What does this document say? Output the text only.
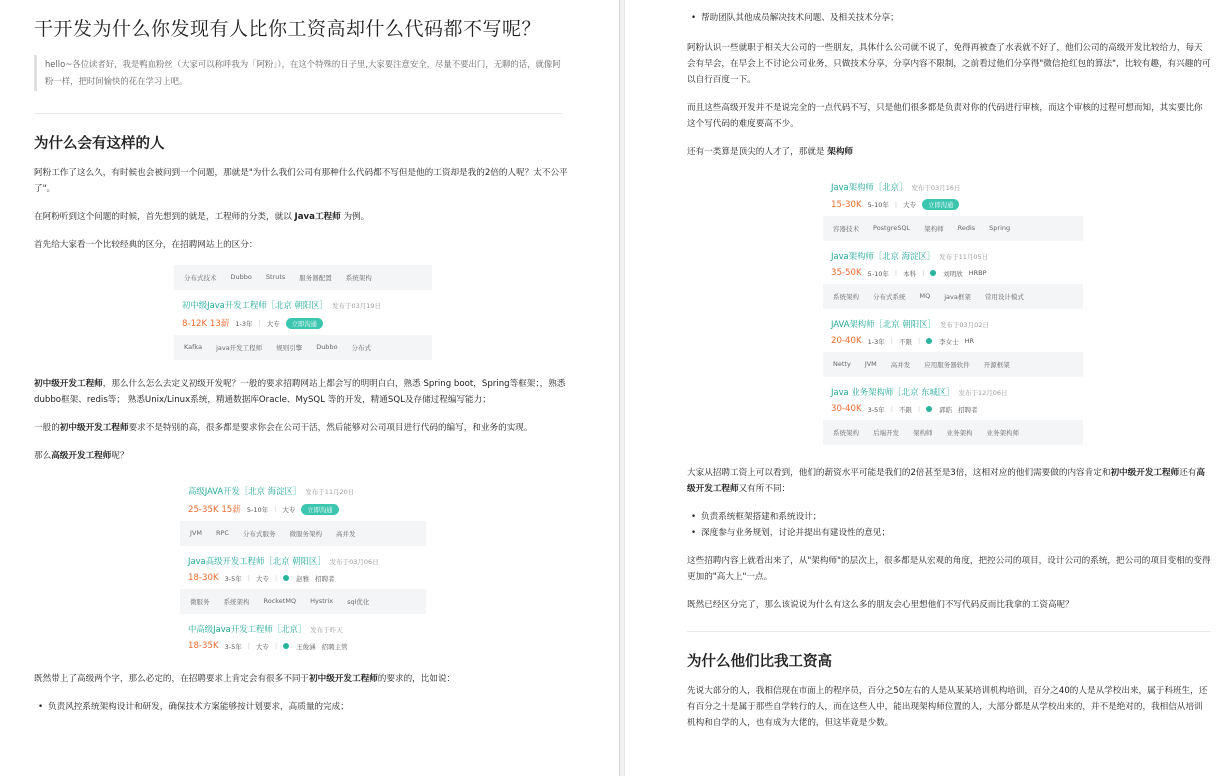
干开发为什么你发现有人比你工资高却什么代码都不写呢？
hello~各位读者好，我是鸭血粉丝（大家可以称呼我为「阿粉」），在这个特殊的日子里,大家要注意安全，尽量不要出门，无聊的话，就像阿粉一样，把时间愉快的花在学习上吧。
为什么会有这样的人

阿粉工作了这么久，有时候也会被问到一个问题，那就是"为什么我们公司有那种什么代码都不写但是他的工资却是我的2倍的人呢？太不公平了"。

在阿粉听到这个问题的时候，首先想到的就是，工程师的分类，就以 Java工程师 为例。

首先给大家看一个比较经典的区分，在招聘网站上的区分：

分布式技术 Dubbo Struts 服务器配置 系统架构
初中级Java开发工程师［北京 朝阳区］ 发布于03月19日
8-12K 13薪 1-3年 | 大专	立即沟通
Kafka java开发工程师 规则引擎 Dubbo 分布式

初中级开发工程师，那么什么怎么去定义初级开发呢？一般的要求招聘网站上都会写的明明白白，熟悉 Spring boot，Spring等框架；，熟悉dubbo框架、redis等； 熟悉Unix/Linux系统，精通数据库Oracle、MySQL 等的开发，精通SQL及存储过程编写能力；

一般的初中级开发工程师要求不是特别的高，很多都是要求你会在公司干活，然后能够对公司项目进行代码的编写，和业务的实现。

那么高级开发工程师呢？

高级JAVA开发［北京 海淀区］ 发布于11月20日
25-35K 15薪 5-10年 | 大专	立即沟通
JVM RPC 分布式服务 微服务架构 高并发
Java高级开发工程师［北京 朝阳区］ 发布于03月06日
18-30K 3-5年 | 大专 |	赵雅 招聘者
微服务 系统架构 RocketMQ Hystrix sql优化
中高级Java开发工程师［北京］ 发布于昨天
18-35K 3-5年 | 大专 |	王俊涵 招聘主管

既然带上了高级两个字，那么必定的，在招聘要求上肯定会有很多不同于初中级开发工程师的要求的，比如说：

• 负责风控系统架构设计和研发，确保技术方案能够按计划要求，高质量的完成；
• 帮助团队其他成员解决技术问题、及相关技术分享；

阿粉认识一些就职于相关大公司的一些朋友，具体什么公司就不说了，免得再被查了水表就不好了，他们公司的高级开发比较给力，每天会有早会，在早会上不讨论公司业务，只做技术分享，分享内容不限制，之前看过他们分享得"微信抢红包的算法"，比较有趣，有兴趣的可以自行百度一下。

而且这些高级开发并不是说完全的一点代码不写，只是他们很多都是负责对你的代码进行审核，而这个审核的过程可想而知，其实要比你这个写代码的难度要高不少。

还有一类算是顶尖的人才了，那就是 架构师

Java架构师［北京］ 发布于03月16日
15-30K 5-10年 | 大专	立即沟通
容器技术 PostgreSQL 架构师 Redis Spring
Java架构师［北京 海淀区］ 发布于11月05日
35-50K 5-10年 | 本科 |	刘明欣 HRBP
系统架构 分布式系统 MQ java框架 常用设计模式
JAVA架构师［北京 朝阳区］ 发布于03月02日
20-40K 1-3年 | 不限 |	李女士 HR
Netty JVM 高并发 应用服务器软件 开源框架
Java 业务架构师［北京 东城区］ 发布于12月06日
30-40K 3-5年 | 不限 |	郭皓 招聘者
系统架构 后端开发 架构师 业务架构 业务架构师

大家从招聘工资上可以看到，他们的薪资水平可能是我们的2倍甚至是3倍，这相对应的他们需要做的内容肯定和初中级开发工程师还有高级开发工程师又有所不同：

• 负责系统框架搭建和系统设计；
• 深度参与业务规划，讨论并提出有建设性的意见；

这些招聘内容上就看出来了，从"架构师"的层次上，很多都是从宏观的角度，把控公司的项目，设计公司的系统，把公司的项目变相的变得更加的"高大上"一点。

既然已经区分完了，那么该说说为什么有这么多的朋友会心里想他们不写代码反而比我拿的工资高呢？

为什么他们比我工资高

先说大部分的人，我相信现在市面上的程序员，百分之50左右的人是从某某培训机构培训，百分之40的人是从学校出来，属于科班生，还有百分之十是属于那些自学转行的人，而在这些人中，能出现架构师位置的人，大部分都是从学校出来的，并不是绝对的，我相信从培训机构和自学的人，也有成为大佬的，但这毕竟是少数。
